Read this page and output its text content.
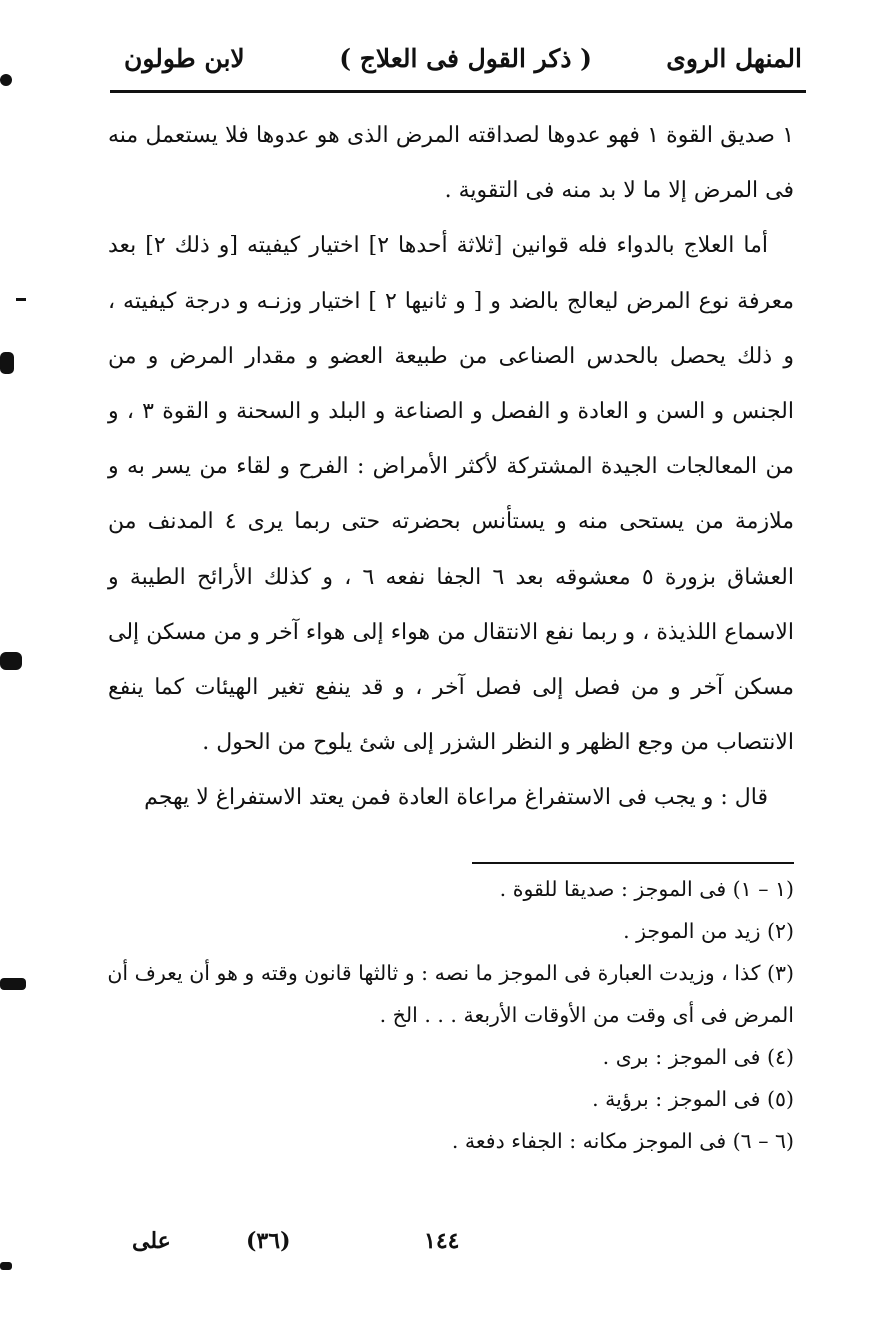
المنهل الروى
( ذكر القول فى العلاج )
لابن طولون

١ صديق القوة ١ فهو عدوها لصداقته المرض الذى هو عدوها فلا يستعمل منه فى المرض إلا ما لا بد منه فى التقوية .

أما العلاج بالدواء فله قوانين [ثلاثة أحدها ٢] اختيار كيفيته [و ذلك ٢] بعد معرفة نوع المرض ليعالج بالضد و [ و ثانيها ٢ ] اختيار وزنـه و درجة كيفيته ، و ذلك يحصل بالحدس الصناعى من طبيعة العضو و مقدار المرض و من الجنس و السن و العادة و الفصل و الصناعة و البلد و السحنة و القوة ٣ ، و من المعالجات الجيدة المشتركة لأكثر الأمراض : الفرح و لقاء من يسر به و ملازمة من يستحى منه و يستأنس بحضرته حتى ربما يرى ٤ المدنف من العشاق بزورة ٥ معشوقه بعد ٦ الجفا نفعه ٦ ، و كذلك الأرائح الطيبة و الاسماع اللذيذة ، و ربما نفع الانتقال من هواء إلى هواء آخر و من مسكن إلى مسكن آخر و من فصل إلى فصل آخر ، و قد ينفع تغير الهيئات كما ينفع الانتصاب من وجع الظهر و النظر الشزر إلى شئ يلوح من الحول .

قال : و يجب فى الاستفراغ مراعاة العادة فمن يعتد الاستفراغ لا يهجم

(١ – ١) فى الموجز : صديقا للقوة .

(٢) زيد من الموجز .

(٣) كذا ، وزيدت العبارة فى الموجز ما نصه : و ثالثها قانون وقته و هو أن يعرف أن المرض فى أى وقت من الأوقات الأربعة . . . الخ .

(٤) فى الموجز : برى .

(٥) فى الموجز : برؤية .

(٦ – ٦) فى الموجز مكانه : الجفاء دفعة .

على	(٣٦)	١٤٤
